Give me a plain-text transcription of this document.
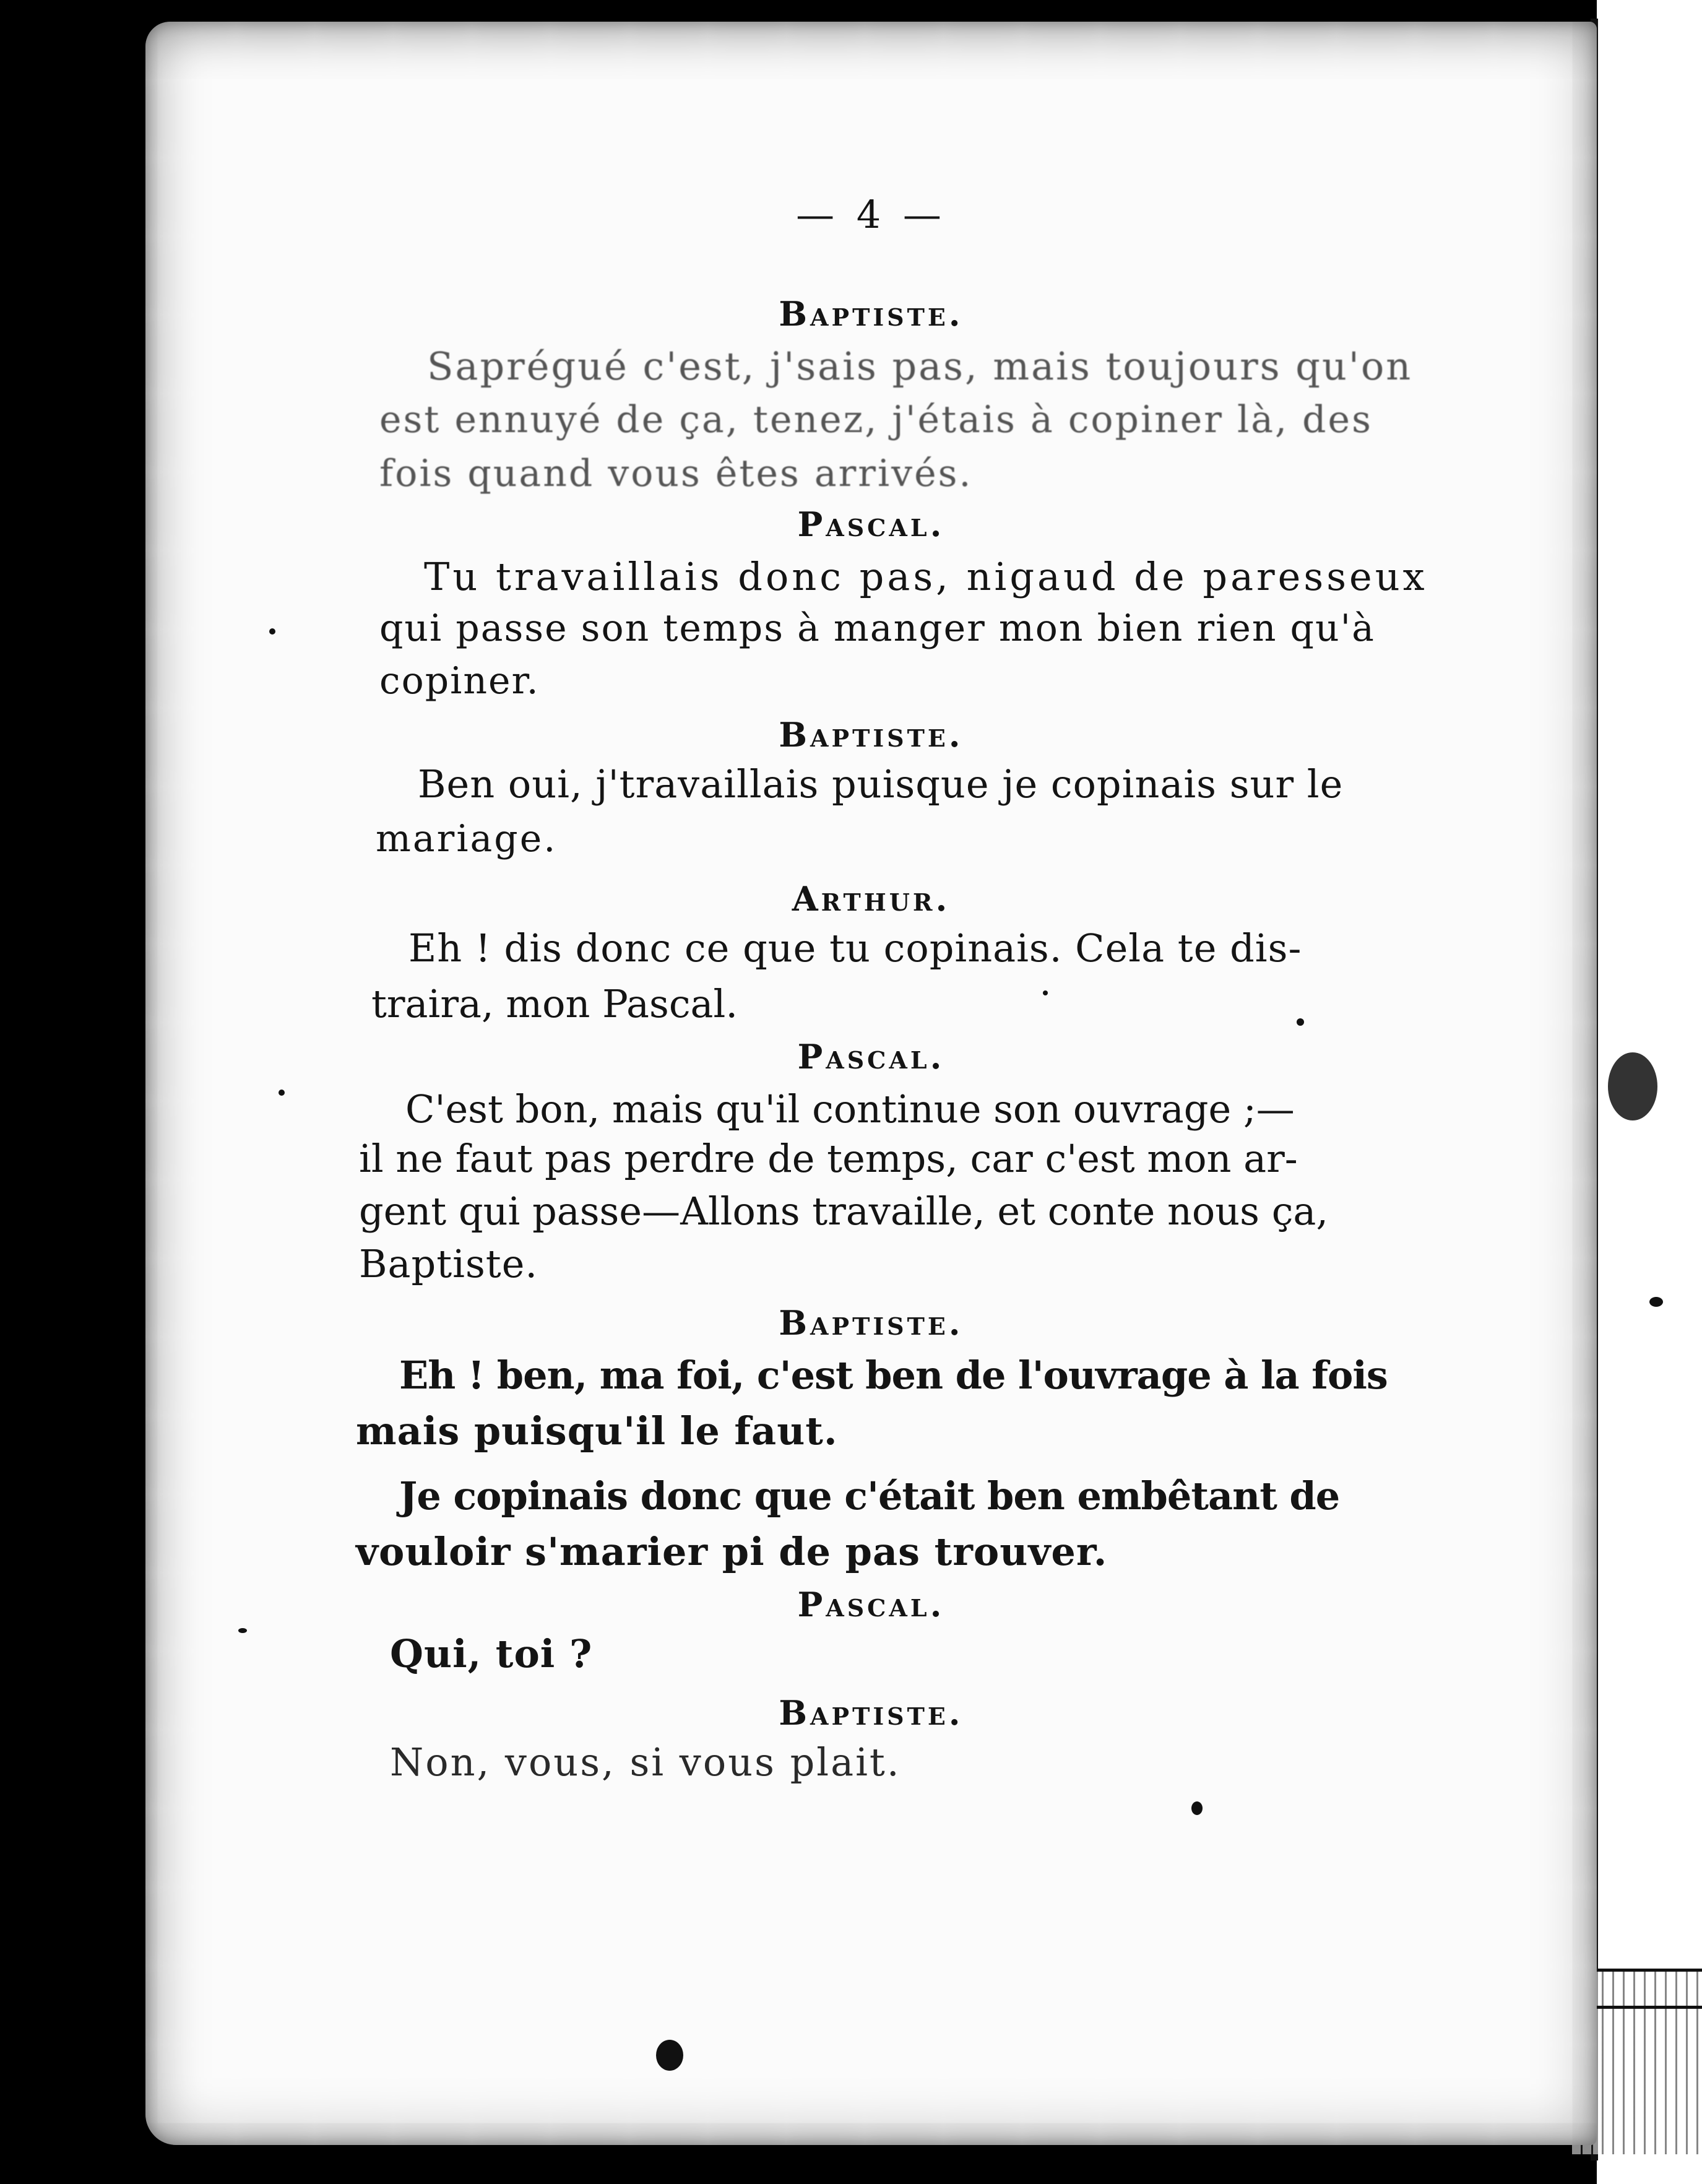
— 4 —
Baptiste.
Saprégué c'est, j'sais pas, mais toujours qu'on
est ennuyé de ça, tenez, j'étais à copiner là, des
fois quand vous êtes arrivés.
Pascal.
Tu travaillais donc pas, nigaud de paresseux
qui passe son temps à manger mon bien rien qu'à
copiner.
Baptiste.
Ben oui, j'travaillais puisque je copinais sur le
mariage.
Arthur.
Eh ! dis donc ce que tu copinais. Cela te dis-
traira, mon Pascal.
Pascal.
C'est bon, mais qu'il continue son ouvrage ;—
il ne faut pas perdre de temps, car c'est mon ar-
gent qui passe—Allons travaille, et conte nous ça,
Baptiste.
Baptiste.
Eh ! ben, ma foi, c'est ben de l'ouvrage à la fois
mais puisqu'il le faut.
Je copinais donc que c'était ben embêtant de
vouloir s'marier pi de pas trouver.
Pascal.
Qui, toi ?
Baptiste.
Non, vous, si vous plait.
